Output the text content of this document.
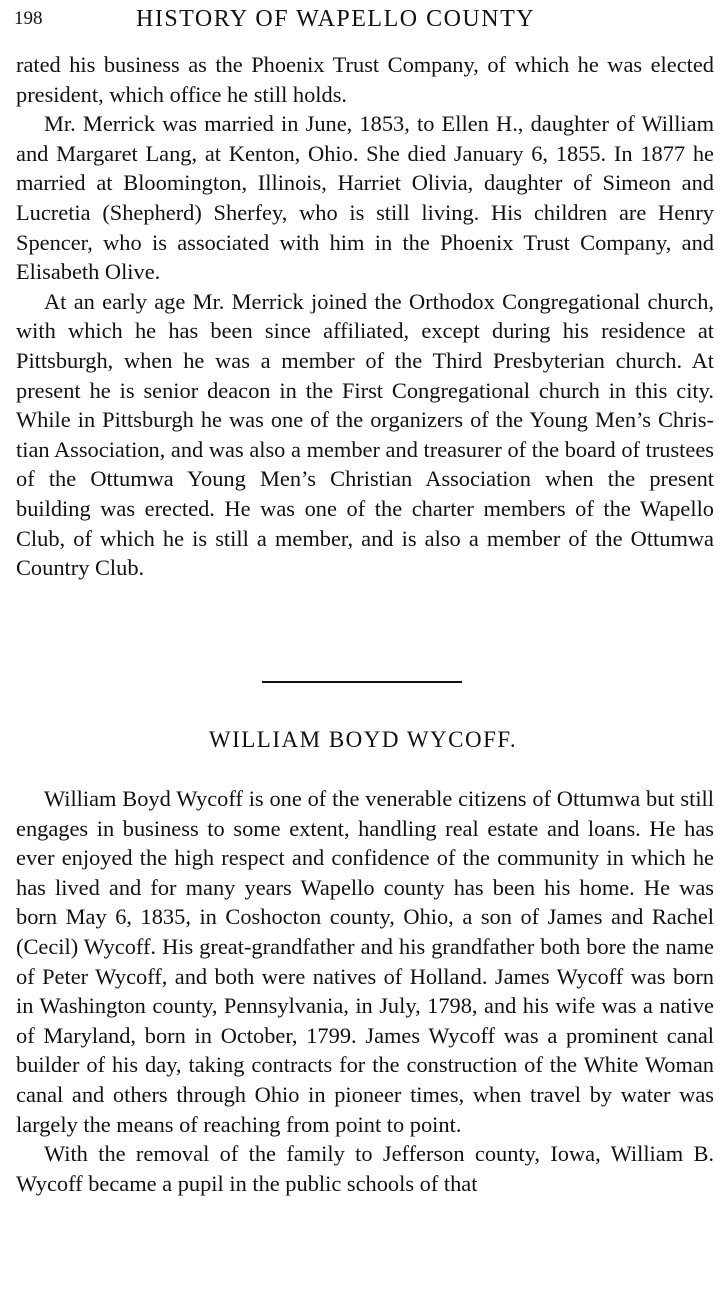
198	HISTORY OF WAPELLO COUNTY

rated his business as the Phoenix Trust Company, of which he was elected president, which office he still holds.

Mr. Merrick was married in June, 1853, to Ellen H., daughter of William and Margaret Lang, at Kenton, Ohio. She died January 6, 1855. In 1877 he married at Bloomington, Illinois, Harriet Olivia, daughter of Simeon and Lucretia (Shepherd) Sherfey, who is still living. His children are Henry Spencer, who is associated with him in the Phoenix Trust Company, and Elisabeth Olive.

At an early age Mr. Merrick joined the Orthodox Congregational church, with which he has been since affiliated, except during his residence at Pittsburgh, when he was a member of the Third Presbyterian church. At present he is senior deacon in the First Congregational church in this city. While in Pittsburgh he was one of the organizers of the Young Men’s Christian Association, and was also a member and treasurer of the board of trustees of the Ottumwa Young Men’s Christian Association when the present building was erected. He was one of the charter members of the Wapello Club, of which he is still a member, and is also a member of the Ottumwa Country Club.

WILLIAM BOYD WYCOFF.

William Boyd Wycoff is one of the venerable citizens of Ottumwa but still engages in business to some extent, handling real estate and loans. He has ever enjoyed the high respect and confidence of the community in which he has lived and for many years Wapello county has been his home. He was born May 6, 1835, in Coshocton county, Ohio, a son of James and Rachel (Cecil) Wycoff. His great-grandfather and his grandfather both bore the name of Peter Wycoff, and both were natives of Holland. James Wycoff was born in Washington county, Pennsylvania, in July, 1798, and his wife was a native of Maryland, born in October, 1799. James Wycoff was a prominent canal builder of his day, taking contracts for the construction of the White Woman canal and others through Ohio in pioneer times, when travel by water was largely the means of reaching from point to point.

With the removal of the family to Jefferson county, Iowa, William B. Wycoff became a pupil in the public schools of that
